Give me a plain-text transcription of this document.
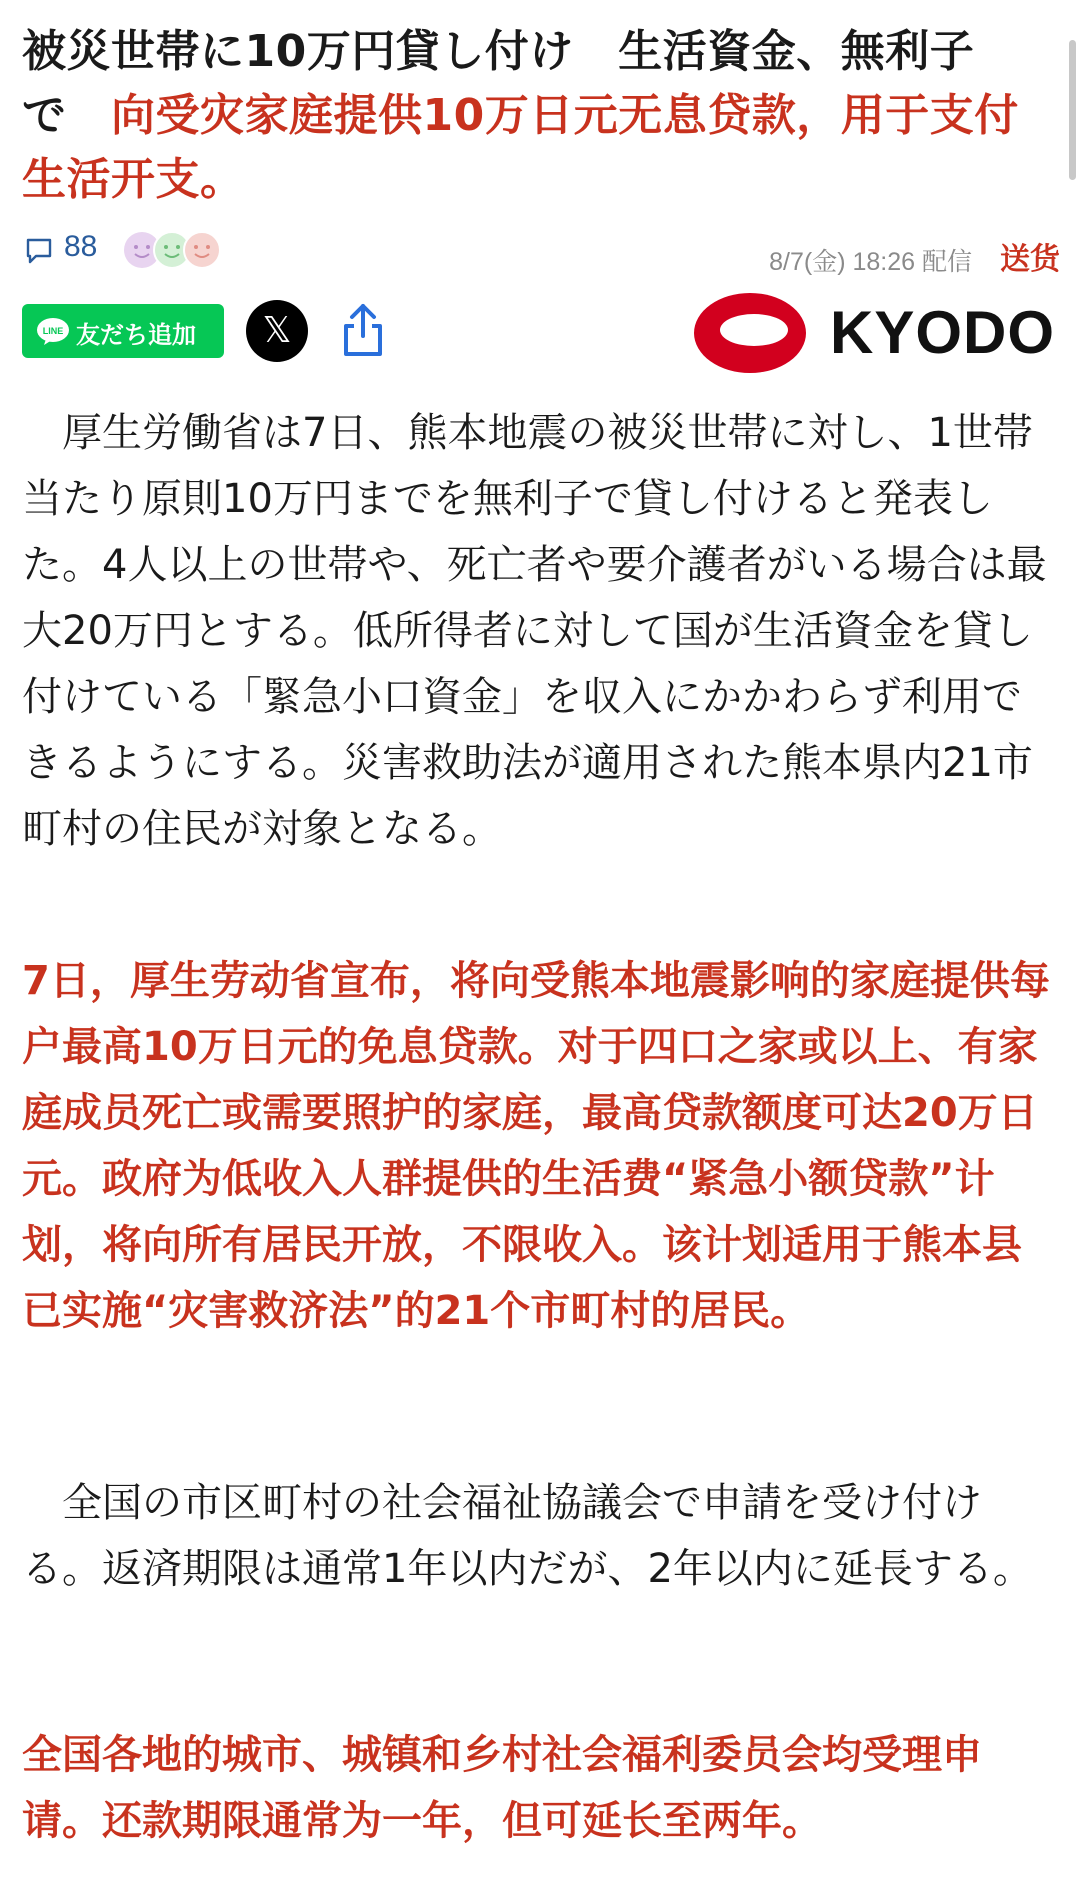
被災世帯に10万円貸し付け　生活資金、無利子で  向受灾家庭提供10万日元无息贷款，用于支付生活开支。
88	8/7(金) 18:26 配信 送货
LINE 友だち追加	𝕏	KYODO
　厚生労働省は7日、熊本地震の被災世帯に対し、1世帯当たり原則10万円までを無利子で貸し付けると発表した。4人以上の世帯や、死亡者や要介護者がいる場合は最大20万円とする。低所得者に対して国が生活資金を貸し付けている「緊急小口資金」を収入にかかわらず利用できるようにする。災害救助法が適用された熊本県内21市町村の住民が対象となる。
7日，厚生劳动省宣布，将向受熊本地震影响的家庭提供每户最高10万日元的免息贷款。对于四口之家或以上、有家庭成员死亡或需要照护的家庭，最高贷款额度可达20万日元。政府为低收入人群提供的生活费“紧急小额贷款”计划，将向所有居民开放，不限收入。该计划适用于熊本县已实施“灾害救济法”的21个市町村的居民。
　全国の市区町村の社会福祉協議会で申請を受け付ける。返済期限は通常1年以内だが、2年以内に延長する。
全国各地的城市、城镇和乡村社会福利委员会均受理申请。还款期限通常为一年，但可延长至两年。
